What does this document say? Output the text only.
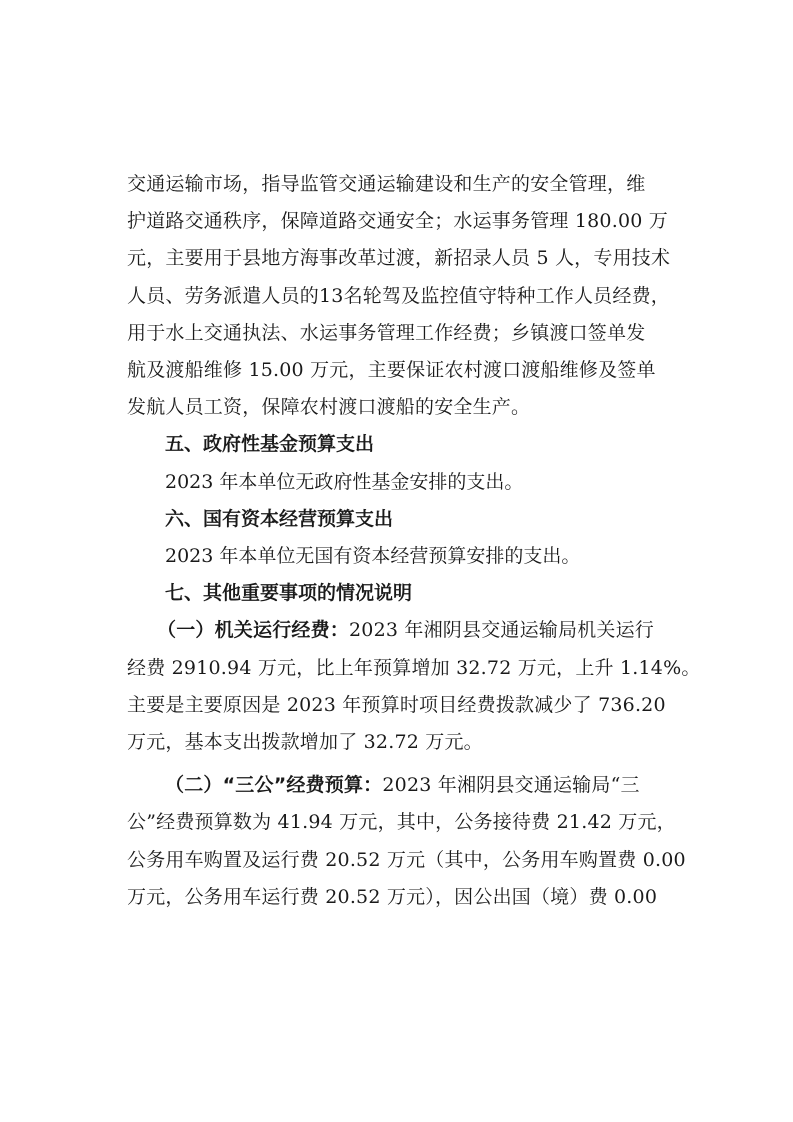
交通运输市场，指导监管交通运输建设和生产的安全管理，维
护道路交通秩序，保障道路交通安全；水运事务管理 180.00 万
元，主要用于县地方海事改革过渡，新招录人员 5 人，专用技术
人员、劳务派遣人员的13名轮驾及监控值守特种工作人员经费，
用于水上交通执法、水运事务管理工作经费；乡镇渡口签单发
航及渡船维修 15.00 万元，主要保证农村渡口渡船维修及签单
发航人员工资，保障农村渡口渡船的安全生产。

五、政府性基金预算支出

2023 年本单位无政府性基金安排的支出。

六、国有资本经营预算支出

2023 年本单位无国有资本经营预算安排的支出。

七、其他重要事项的情况说明

（一）机关运行经费：2023 年湘阴县交通运输局机关运行
经费 2910.94 万元，比上年预算增加 32.72 万元，上升 1.14%。
主要是主要原因是 2023 年预算时项目经费拨款减少了 736.20
万元，基本支出拨款增加了 32.72 万元。
（二）“三公”经费预算：2023 年湘阴县交通运输局“三
公”经费预算数为 41.94 万元，其中，公务接待费 21.42 万元，
公务用车购置及运行费 20.52 万元（其中，公务用车购置费 0.00
万元，公务用车运行费 20.52 万元），因公出国（境）费 0.00
